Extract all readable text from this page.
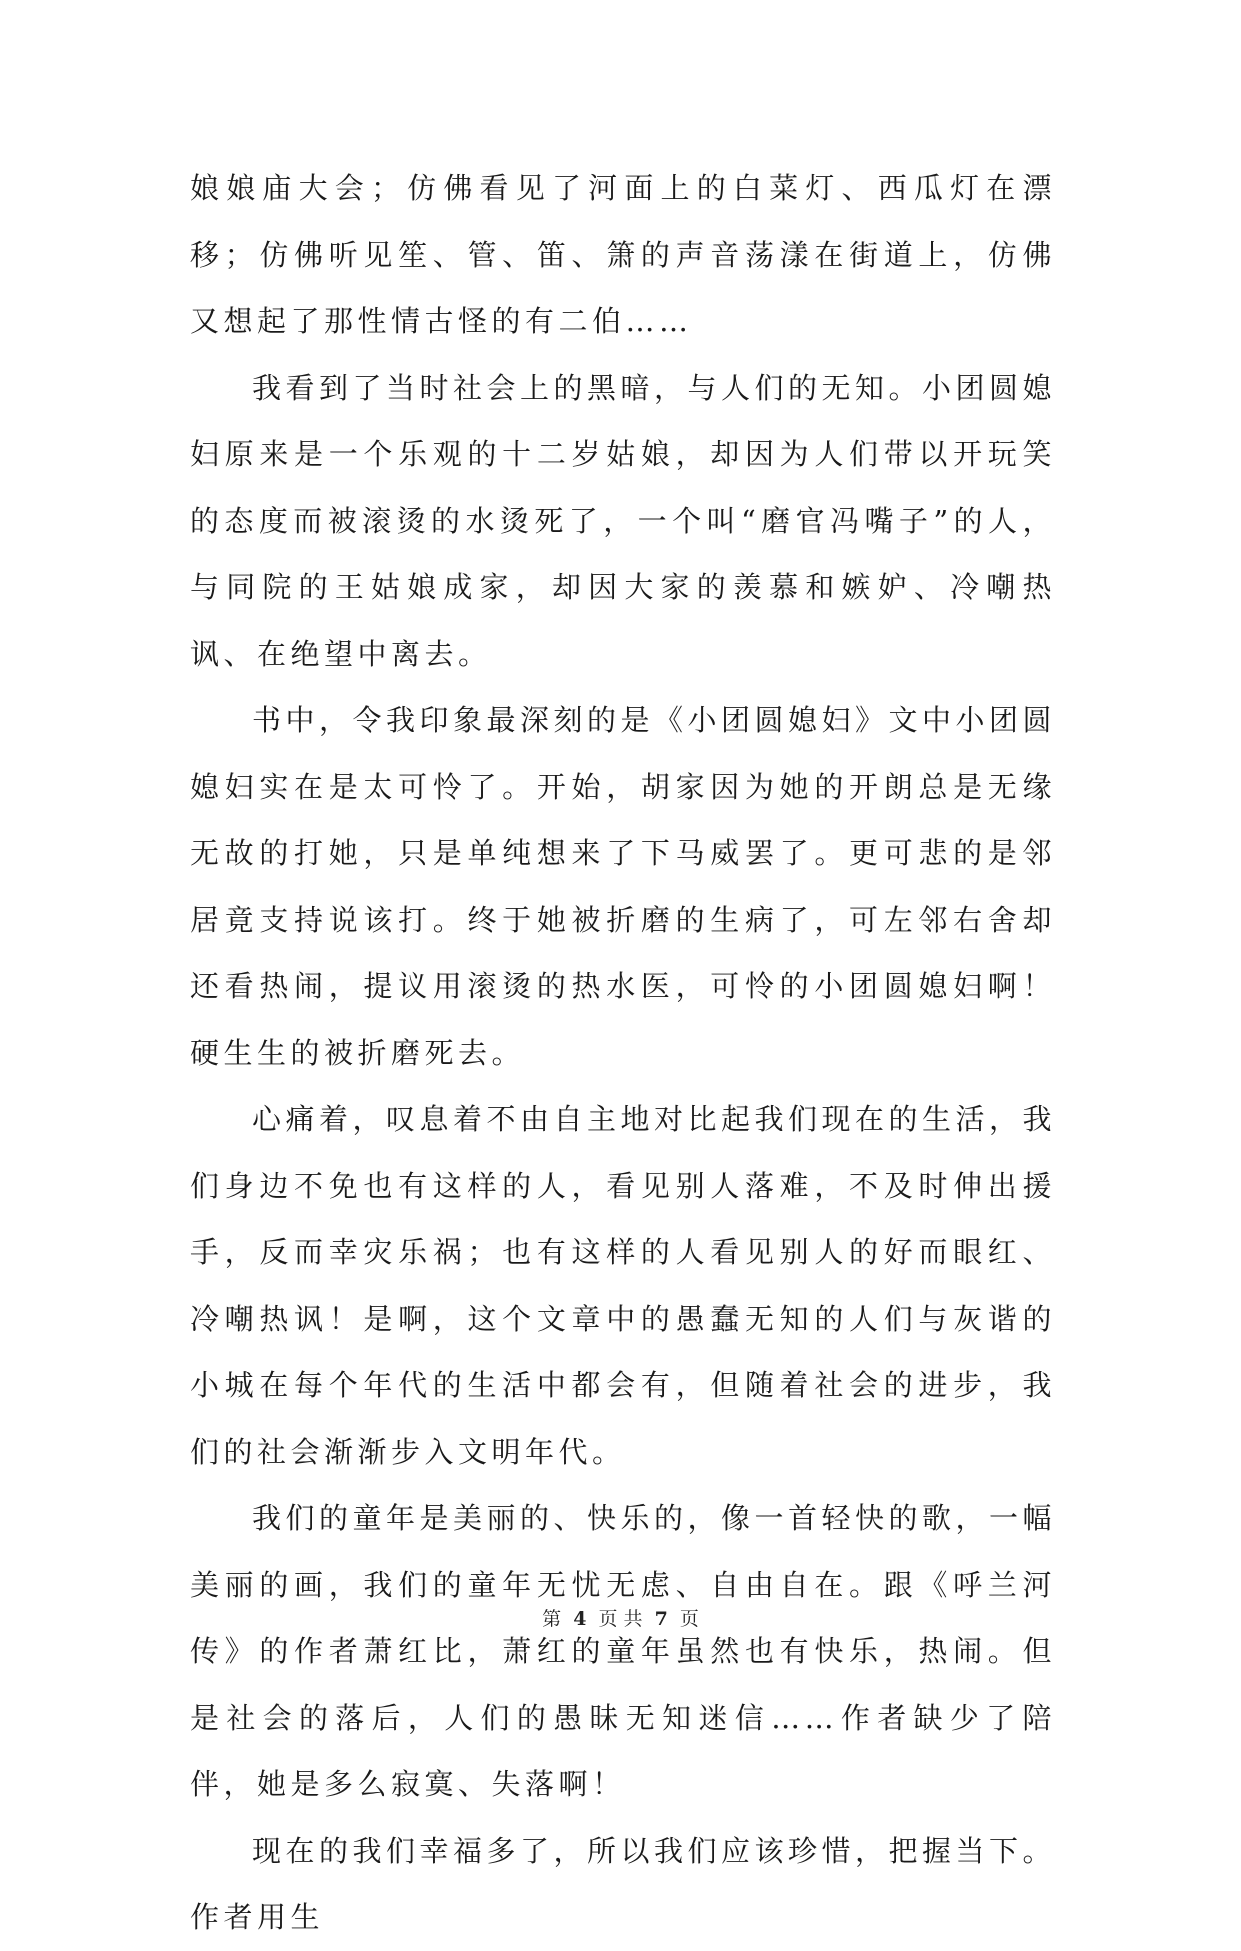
娘娘庙大会；仿佛看见了河面上的白菜灯、西瓜灯在漂移；仿佛听见笙、管、笛、箫的声音荡漾在街道上，仿佛又想起了那性情古怪的有二伯……

我看到了当时社会上的黑暗，与人们的无知。小团圆媳妇原来是一个乐观的十二岁姑娘，却因为人们带以开玩笑的态度而被滚烫的水烫死了，一个叫“磨官冯嘴子”的人，与同院的王姑娘成家，却因大家的羡慕和嫉妒、冷嘲热讽、在绝望中离去。

书中，令我印象最深刻的是《小团圆媳妇》文中小团圆媳妇实在是太可怜了。开始，胡家因为她的开朗总是无缘无故的打她，只是单纯想来了下马威罢了。更可悲的是邻居竟支持说该打。终于她被折磨的生病了，可左邻右舍却还看热闹，提议用滚烫的热水医，可怜的小团圆媳妇啊！硬生生的被折磨死去。

心痛着，叹息着不由自主地对比起我们现在的生活，我们身边不免也有这样的人，看见别人落难，不及时伸出援手，反而幸灾乐祸；也有这样的人看见别人的好而眼红、冷嘲热讽！是啊，这个文章中的愚蠢无知的人们与灰谐的小城在每个年代的生活中都会有，但随着社会的进步，我们的社会渐渐步入文明年代。

我们的童年是美丽的、快乐的，像一首轻快的歌，一幅美丽的画，我们的童年无忧无虑、自由自在。跟《呼兰河传》的作者萧红比，萧红的童年虽然也有快乐，热闹。但是社会的落后，人们的愚昧无知迷信……作者缺少了陪伴，她是多么寂寞、失落啊！

现在的我们幸福多了，所以我们应该珍惜，把握当下。作者用生

第 4 页 共 7 页
